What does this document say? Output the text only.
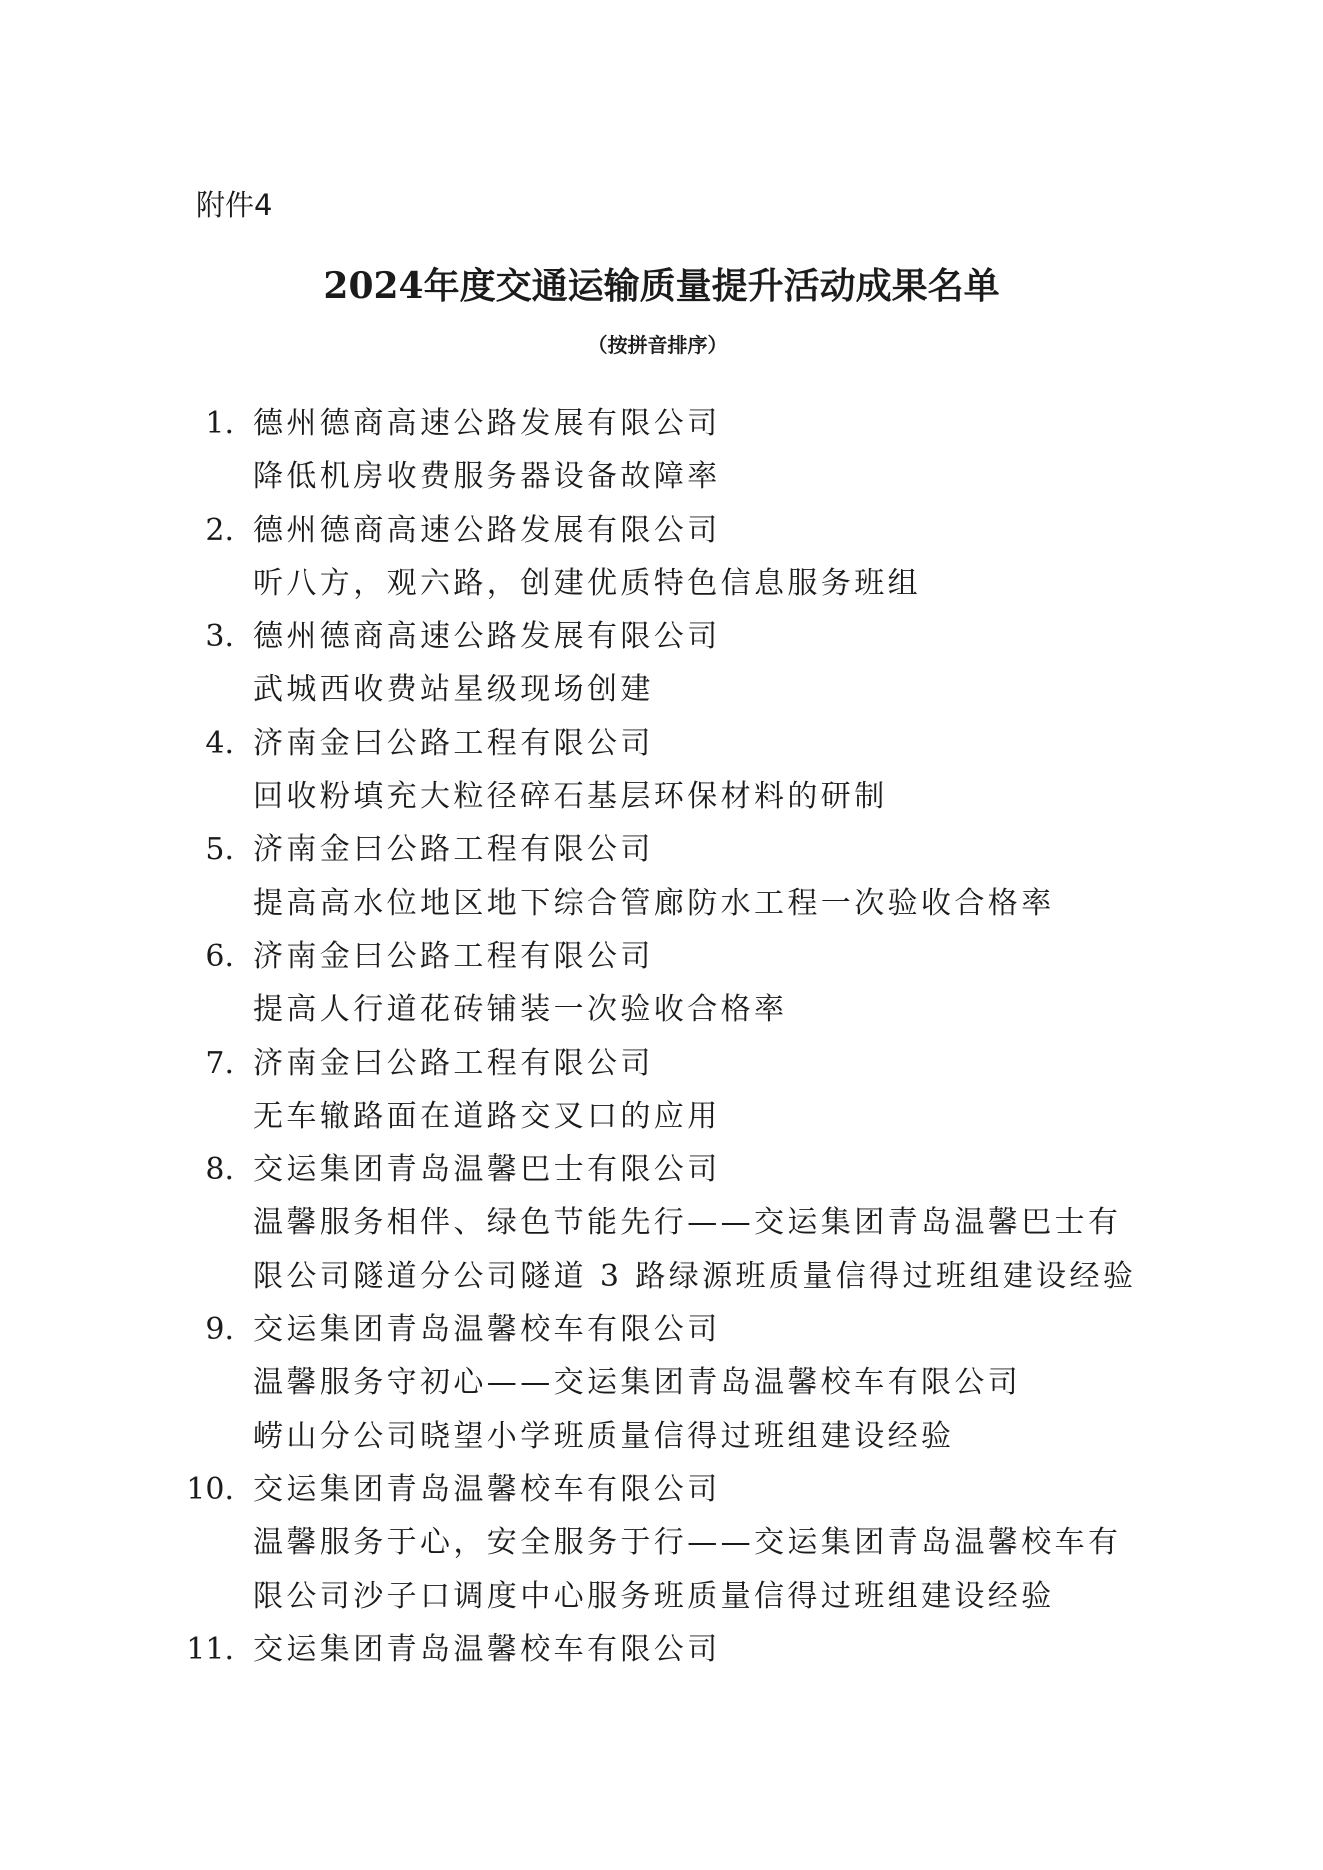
附件4
2024年度交通运输质量提升活动成果名单
（按拼音排序）
1. 德州德商高速公路发展有限公司
降低机房收费服务器设备故障率
2. 德州德商高速公路发展有限公司
听八方，观六路，创建优质特色信息服务班组
3. 德州德商高速公路发展有限公司
武城西收费站星级现场创建
4. 济南金曰公路工程有限公司
回收粉填充大粒径碎石基层环保材料的研制
5. 济南金曰公路工程有限公司
提高高水位地区地下综合管廊防水工程一次验收合格率
6. 济南金曰公路工程有限公司
提高人行道花砖铺装一次验收合格率
7. 济南金曰公路工程有限公司
无车辙路面在道路交叉口的应用
8. 交运集团青岛温馨巴士有限公司
温馨服务相伴、绿色节能先行——交运集团青岛温馨巴士有
限公司隧道分公司隧道 3 路绿源班质量信得过班组建设经验
9. 交运集团青岛温馨校车有限公司
温馨服务守初心——交运集团青岛温馨校车有限公司
崂山分公司晓望小学班质量信得过班组建设经验
10. 交运集团青岛温馨校车有限公司
温馨服务于心，安全服务于行——交运集团青岛温馨校车有
限公司沙子口调度中心服务班质量信得过班组建设经验
11. 交运集团青岛温馨校车有限公司
